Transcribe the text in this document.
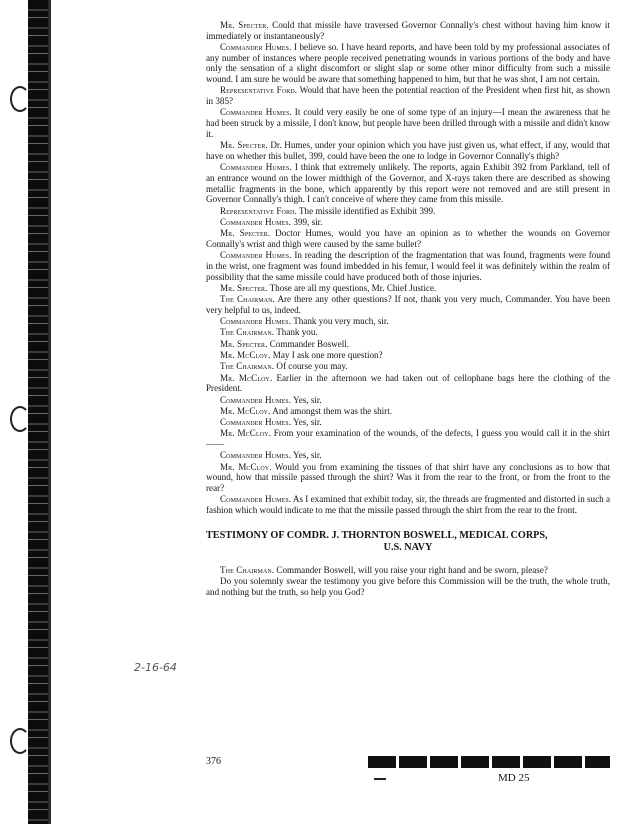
2-16-64

Mr. Specter. Could that missile have traversed Governor Connally's chest without having him know it immediately or instantaneously?

Commander Humes. I believe so. I have heard reports, and have been told by my professional associates of any number of instances where people received penetrating wounds in various portions of the body and have only the sensation of a slight discomfort or slight slap or some other minor difficulty from such a missile wound. I am sure he would be aware that something happened to him, but that he was shot, I am not certain.

Representative Ford. Would that have been the potential reaction of the President when first hit, as shown in 385?

Commander Humes. It could very easily be one of some type of an injury—I mean the awareness that he had been struck by a missile, I don't know, but people have been drilled through with a missile and didn't know it.

Mr. Specter. Dr. Humes, under your opinion which you have just given us, what effect, if any, would that have on whether this bullet, 399, could have been the one to lodge in Governor Connally's thigh?

Commander Humes. I think that extremely unlikely. The reports, again Exhibit 392 from Parkland, tell of an entrance wound on the lower midthigh of the Governor, and X-rays taken there are described as showing metallic fragments in the bone, which apparently by this report were not removed and are still present in Governor Connally's thigh. I can't conceive of where they came from this missile.

Representative Ford. The missile identified as Exhibit 399.

Commander Humes. 399, sir.

Mr. Specter. Doctor Humes, would you have an opinion as to whether the wounds on Governor Connally's wrist and thigh were caused by the same bullet?

Commander Humes. In reading the description of the fragmentation that was found, fragments were found in the wrist, one fragment was found imbedded in his femur, I would feel it was definitely within the realm of possibility that the same missile could have produced both of those injuries.

Mr. Specter. Those are all my questions, Mr. Chief Justice.

The Chairman. Are there any other questions? If not, thank you very much, Commander. You have been very helpful to us, indeed.

Commander Humes. Thank you very much, sir.

The Chairman. Thank you.

Mr. Specter. Commander Boswell.

Mr. McCloy. May I ask one more question?

The Chairman. Of course you may.

Mr. McCloy. Earlier in the afternoon we had taken out of cellophane bags here the clothing of the President.

Commander Humes. Yes, sir.

Mr. McCloy. And amongst them was the shirt.

Commander Humes. Yes, sir.

Mr. McCloy. From your examination of the wounds, of the defects, I guess you would call it in the shirt——

Commander Humes. Yes, sir.

Mr. McCloy. Would you from examining the tissues of that shirt have any conclusions as to how that wound, how that missile passed through the shirt? Was it from the rear to the front, or from the front to the rear?

Commander Humes. As I examined that exhibit today, sir, the threads are fragmented and distorted in such a fashion which would indicate to me that the missile passed through the shirt from the rear to the front.

TESTIMONY OF COMDR. J. THORNTON BOSWELL, MEDICAL CORPS,
U.S. NAVY

The Chairman. Commander Boswell, will you raise your right hand and be sworn, please?

Do you solemnly swear the testimony you give before this Commission will be the truth, the whole truth, and nothing but the truth, so help you God?

376
MD 25
